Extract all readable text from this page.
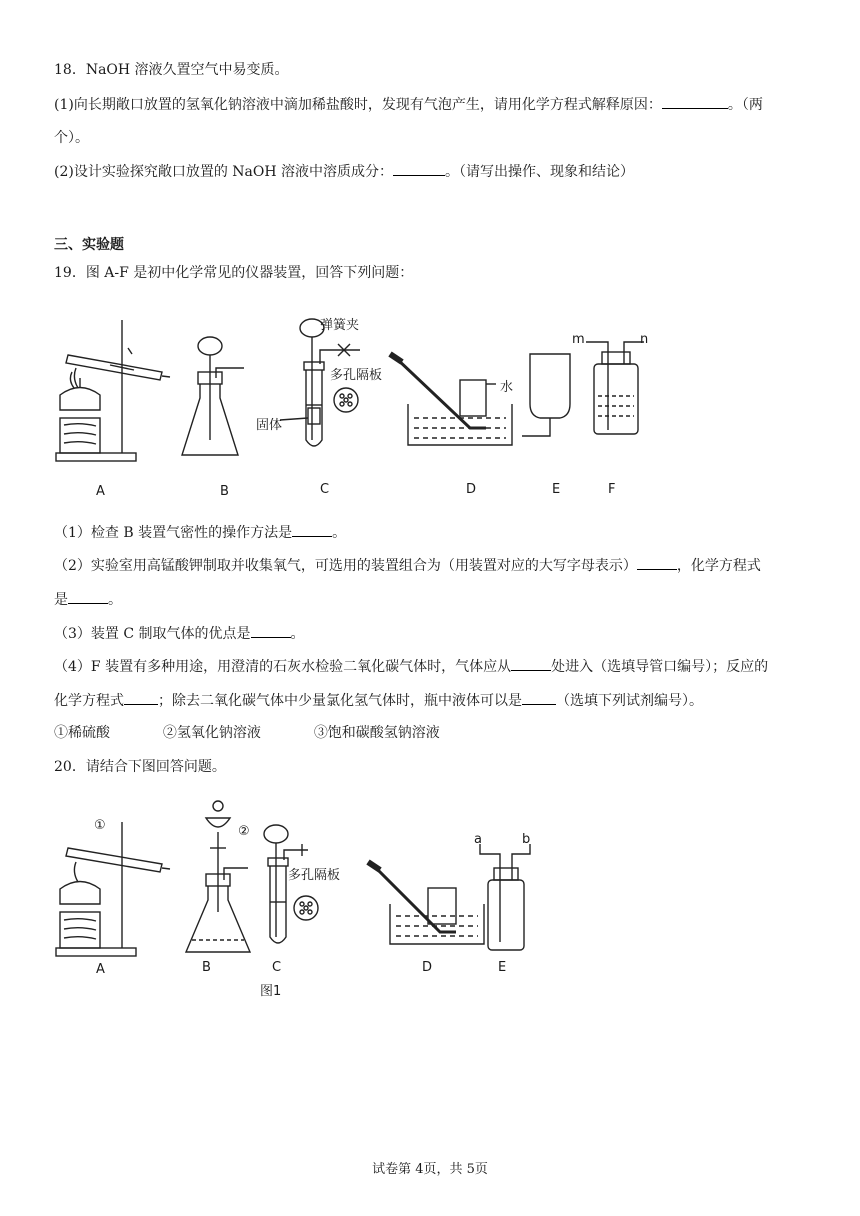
18．NaOH 溶液久置空气中易变质。
(1)向长期敞口放置的氢氧化钠溶液中滴加稀盐酸时，发现有气泡产生，请用化学方程式解释原因：	。（两
个）。
(2)设计实验探究敞口放置的 NaOH 溶液中溶质成分：	。（请写出操作、现象和结论）
三、实验题
19．图 A-F 是初中化学常见的仪器装置，回答下列问题：
弹簧夹
多孔隔板
固体
水
m	n
A	B	C	D	E	F
（1）检查 B 装置气密性的操作方法是	。
（2）实验室用高锰酸钾制取并收集氧气，可选用的装置组合为（用装置对应的大写字母表示）	，化学方程式
是	。
（3）装置 C 制取气体的优点是	。
（4）F 装置有多种用途，用澄清的石灰水检验二氧化碳气体时，气体应从	处进入（选填导管口编号）；反应的
化学方程式 ；除去二氧化碳气体中少量氯化氢气体时，瓶中液体可以是 （选填下列试剂编号）。
①稀硫酸	②氢氧化钠溶液	③饱和碳酸氢钠溶液
20．请结合下图回答问题。
①	②
多孔隔板
a	b
A	B	C	D	E
图1
试卷第 4页，共 5页
